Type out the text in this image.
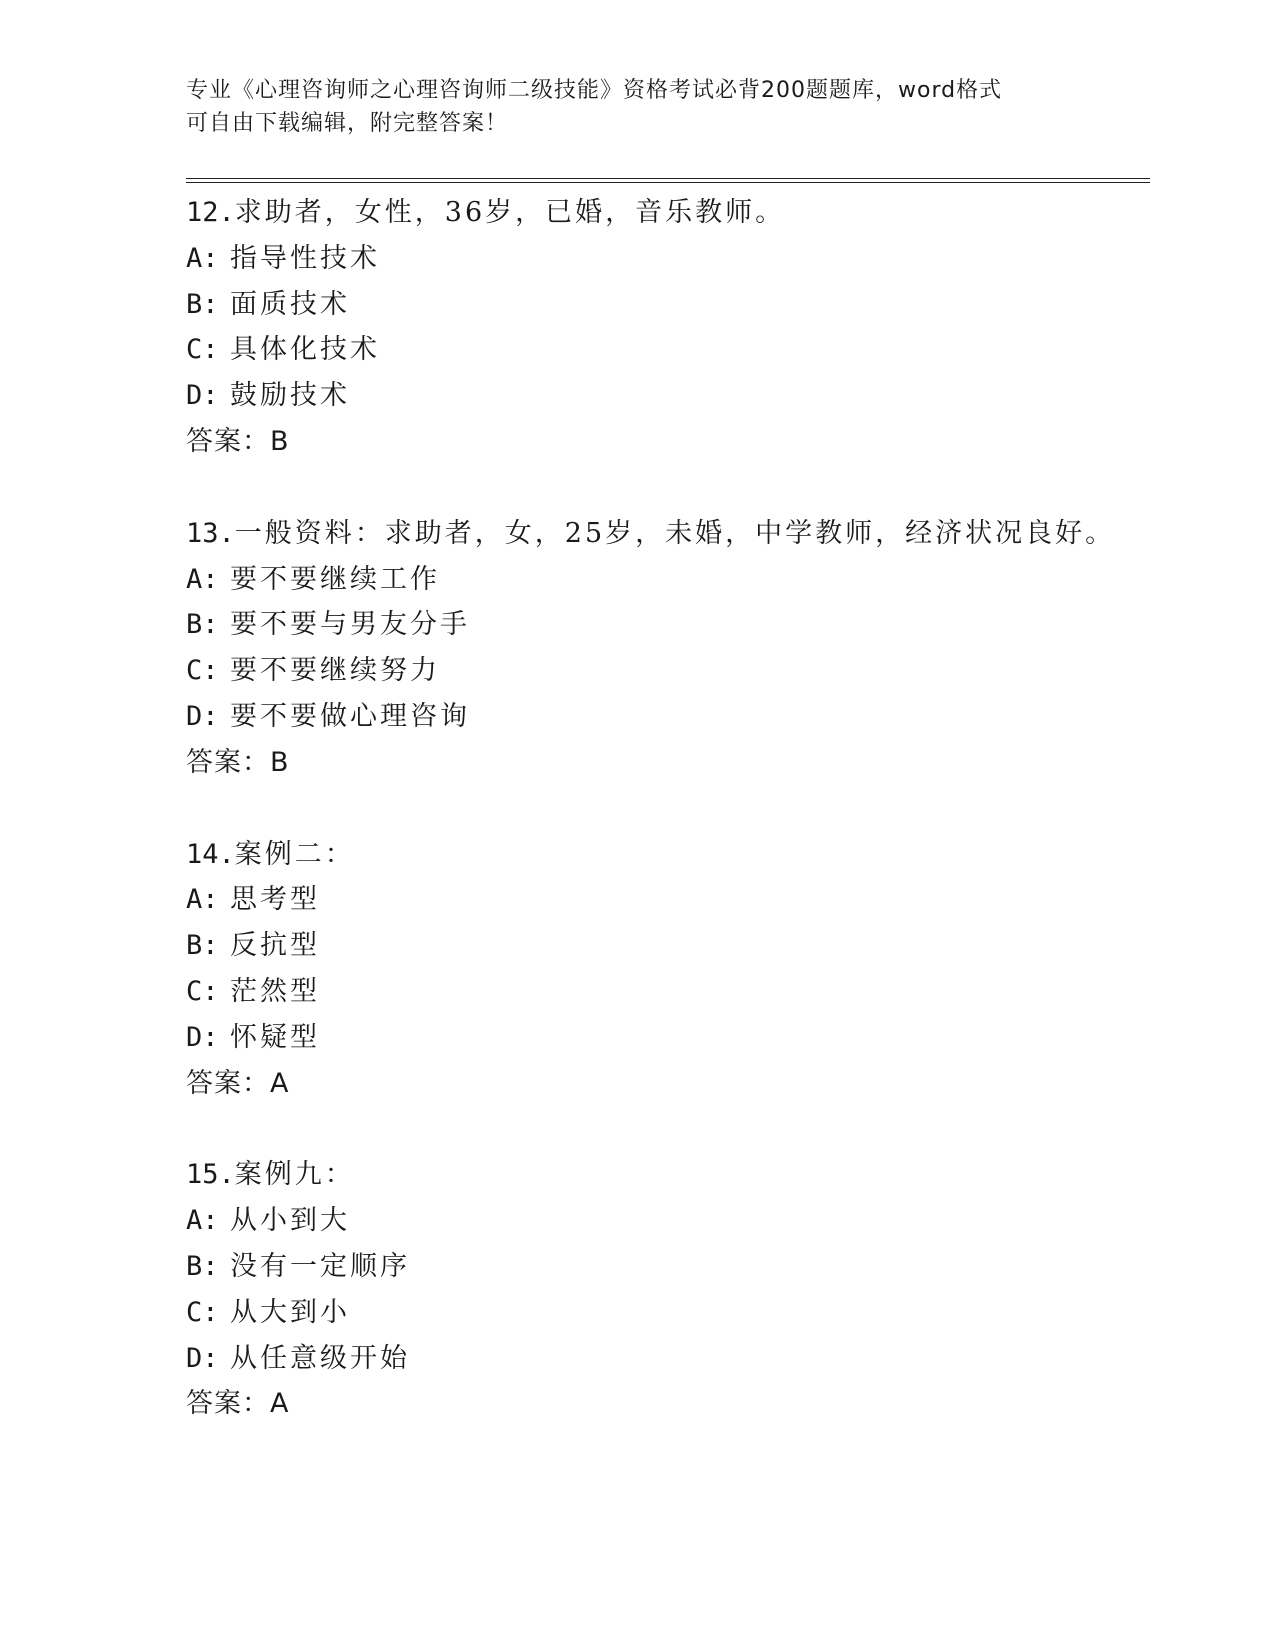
专业《心理咨询师之心理咨询师二级技能》资格考试必背200题题库，word格式
可自由下载编辑，附完整答案！
12.求助者，女性，36岁，已婚，音乐教师。
A: 指导性技术
B: 面质技术
C: 具体化技术
D: 鼓励技术
答案：B
13.一般资料：求助者，女，25岁，未婚，中学教师，经济状况良好。
A: 要不要继续工作
B: 要不要与男友分手
C: 要不要继续努力
D: 要不要做心理咨询
答案：B
14.案例二：
A: 思考型
B: 反抗型
C: 茫然型
D: 怀疑型
答案：A
15.案例九：
A: 从小到大
B: 没有一定顺序
C: 从大到小
D: 从任意级开始
答案：A
